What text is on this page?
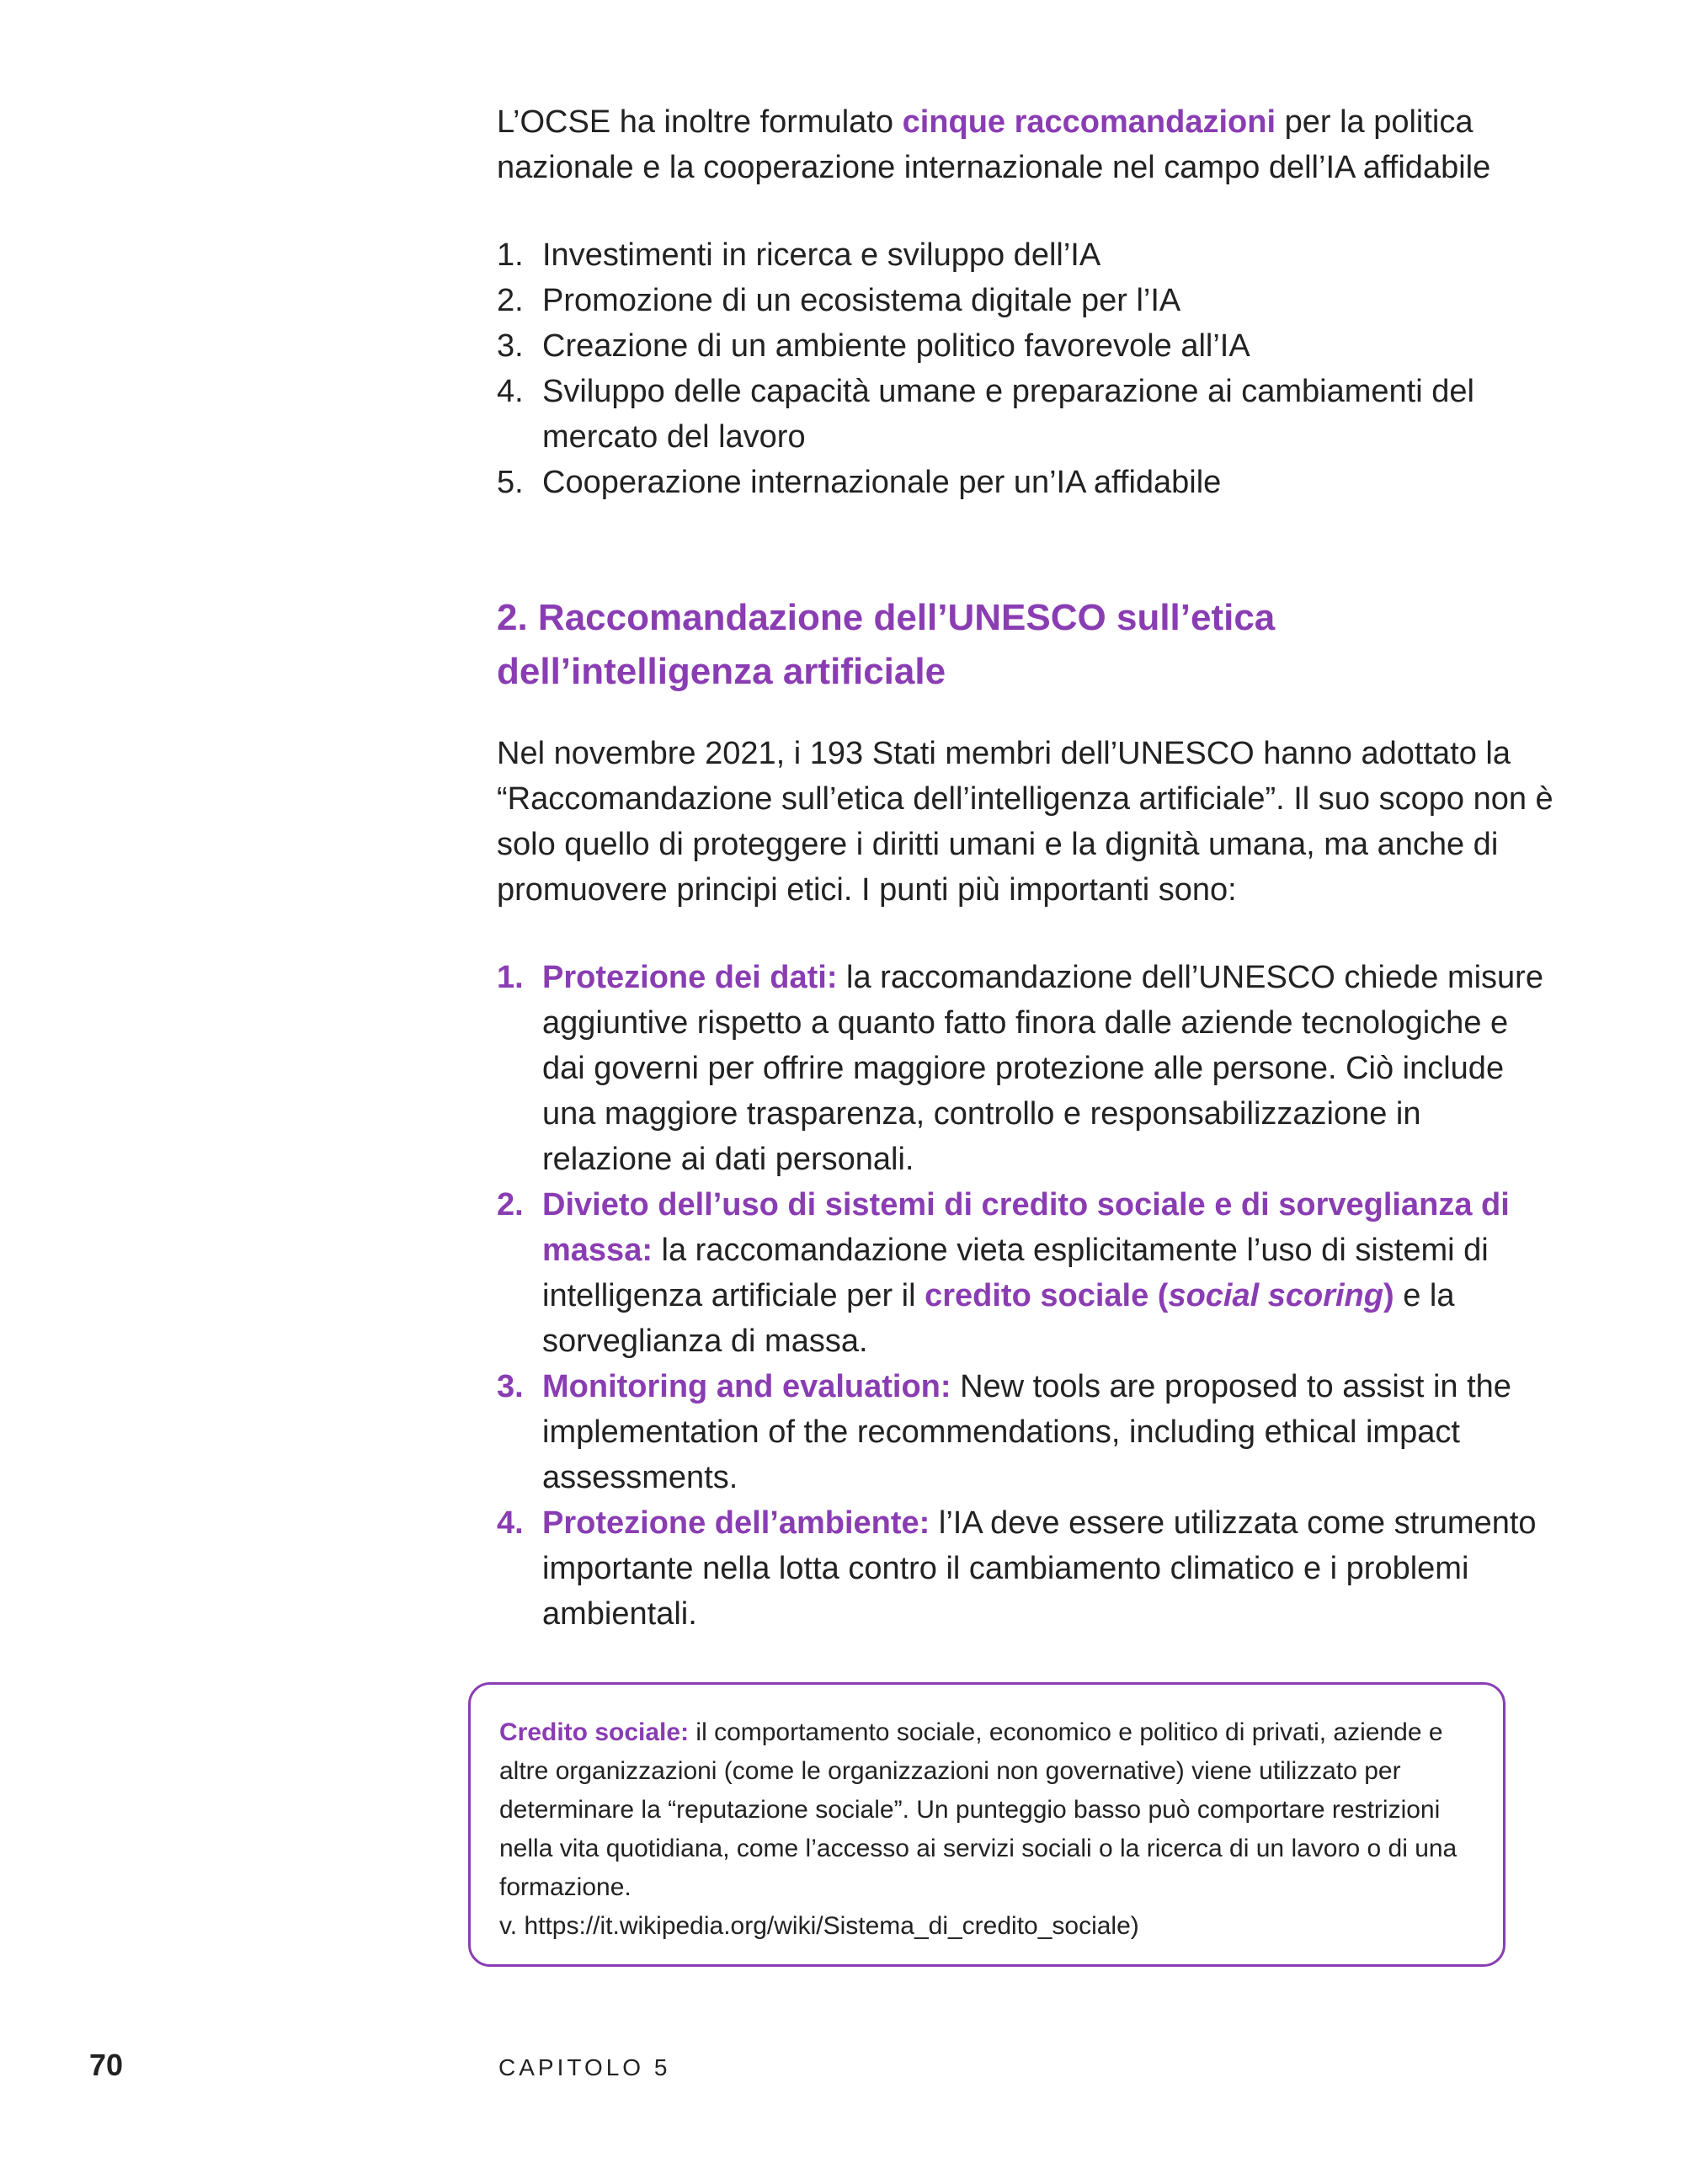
L’OCSE ha inoltre formulato cinque raccomandazioni per la politica nazionale e la cooperazione internazionale nel campo dell’IA affidabile

1. Investimenti in ricerca e sviluppo dell’IA
2. Promozione di un ecosistema digitale per l’IA
3. Creazione di un ambiente politico favorevole all’IA
4. Sviluppo delle capacità umane e preparazione ai cambiamenti del mercato del lavoro
5. Cooperazione internazionale per un’IA affidabile
2. Raccomandazione dell’UNESCO sull’etica
dell’intelligenza artificiale

Nel novembre 2021, i 193 Stati membri dell’UNESCO hanno adottato la “Raccomandazione sull’etica dell’intelligenza artificiale”. Il suo scopo non è solo quello di proteggere i diritti umani e la dignità umana, ma anche di promuovere principi etici. I punti più importanti sono:

1. Protezione dei dati: la raccomandazione dell’UNESCO chiede misure aggiuntive rispetto a quanto fatto finora dalle aziende tecnologiche e dai governi per offrire maggiore protezione alle persone. Ciò include una maggiore trasparenza, controllo e responsabilizzazione in relazione ai dati personali.
2. Divieto dell’uso di sistemi di credito sociale e di sorveglianza di massa: la raccomandazione vieta esplicitamente l’uso di sistemi di intelligenza artificiale per il credito sociale (social scoring) e la sorveglianza di massa.
3. Monitoring and evaluation: New tools are proposed to assist in the implementation of the recommendations, including ethical impact assessments.
4. Protezione dell’ambiente: l’IA deve essere utilizzata come strumento importante nella lotta contro il cambiamento climatico e i problemi ambientali.
Credito sociale: il comportamento sociale, economico e politico di privati, aziende e altre organizzazioni (come le organizzazioni non governative) viene utilizzato per determinare la “reputazione sociale”. Un punteggio basso può comportare restrizioni nella vita quotidiana, come l’accesso ai servizi sociali o la ricerca di un lavoro o di una formazione.
v. https://it.wikipedia.org/wiki/Sistema_di_credito_sociale)
70	CAPITOLO 5
